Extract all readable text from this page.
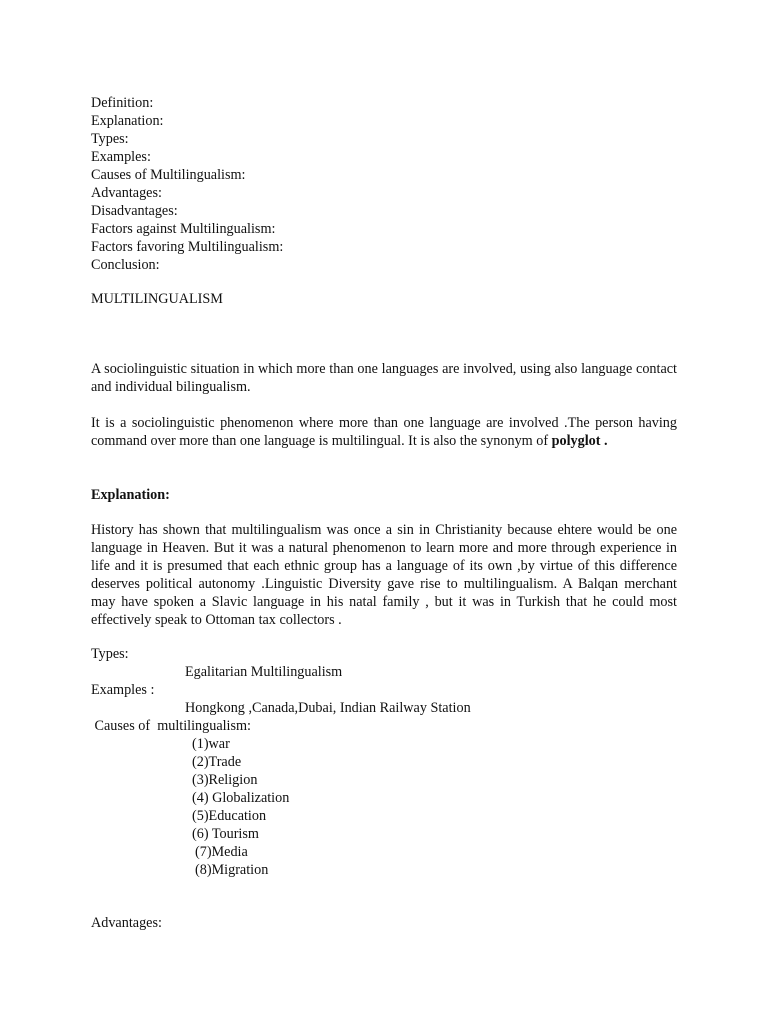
Definition:
Explanation:
Types:
Examples:
Causes of Multilingualism:
Advantages:
Disadvantages:
Factors against Multilingualism:
Factors favoring Multilingualism:
Conclusion:
MULTILINGUALISM
A sociolinguistic situation in which more than one languages are involved, using also language contact and individual bilingualism.
It is a sociolinguistic phenomenon where more than one language are involved .The person having command over more than one language is multilingual. It is also the synonym of polyglot .
Explanation:
History has shown that multilingualism was once a sin in Christianity because ehtere would be one language in Heaven. But it was a natural phenomenon to learn more and more through experience in life and it is presumed that each ethnic group has a language of its own ,by virtue of this difference deserves political autonomy .Linguistic Diversity gave rise to multilingualism. A Balqan merchant may have spoken a Slavic language in his natal family , but it was in Turkish that he could most effectively speak to Ottoman tax collectors .
Types:
Egalitarian Multilingualism
Examples :
Hongkong ,Canada,Dubai, Indian Railway Station
Causes of  multilingualism:
(1)war
(2)Trade
(3)Religion
(4) Globalization
(5)Education
(6) Tourism
(7)Media
(8)Migration
Advantages:
